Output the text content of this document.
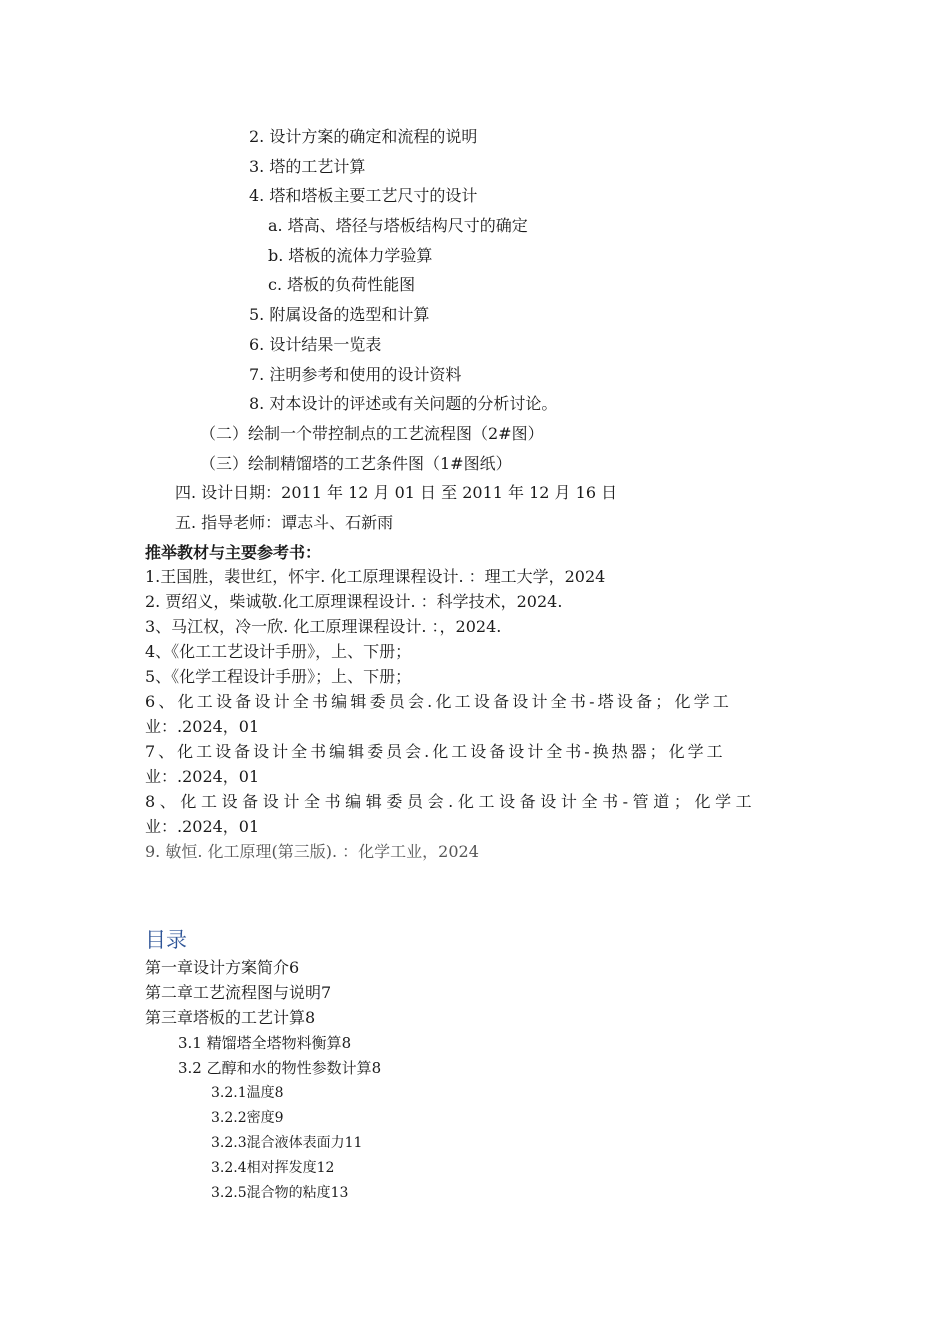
2. 设计方案的确定和流程的说明
3. 塔的工艺计算
4. 塔和塔板主要工艺尺寸的设计
a. 塔高、塔径与塔板结构尺寸的确定
b. 塔板的流体力学验算
c. 塔板的负荷性能图
5. 附属设备的选型和计算
6. 设计结果一览表
7. 注明参考和使用的设计资料
8. 对本设计的评述或有关问题的分析讨论。
（二）绘制一个带控制点的工艺流程图（2#图）
（三）绘制精馏塔的工艺条件图（1#图纸）
四. 设计日期：2011 年 12 月 01 日 至 2011 年 12 月 16 日
五. 指导老师：谭志斗、石新雨
推举教材与主要参考书：
1.王国胜，裴世红，怀宇. 化工原理课程设计. ：理工大学，2024
2. 贾绍义，柴诚敬.化工原理课程设计. ：科学技术，2024.
3、马江权，冷一欣. 化工原理课程设计. ：，2024.
4、《化工工艺设计手册》，上、下册；
5、《化学工程设计手册》；上、下册；
6、化工设备设计全书编辑委员会.化工设备设计全书-塔设备；化学工
业：.2024，01
7、化工设备设计全书编辑委员会.化工设备设计全书-换热器；化学工
业：.2024，01
8、化工设备设计全书编辑委员会.化工设备设计全书-管道；化学工
业：.2024，01
9. 敏恒. 化工原理(第三版). ：化学工业，2024
目录
第一章设计方案简介6
第二章工艺流程图与说明7
第三章塔板的工艺计算8
3.1 精馏塔全塔物料衡算8
3.2 乙醇和水的物性参数计算8
3.2.1温度8
3.2.2密度9
3.2.3混合液体表面力11
3.2.4相对挥发度12
3.2.5混合物的粘度13
